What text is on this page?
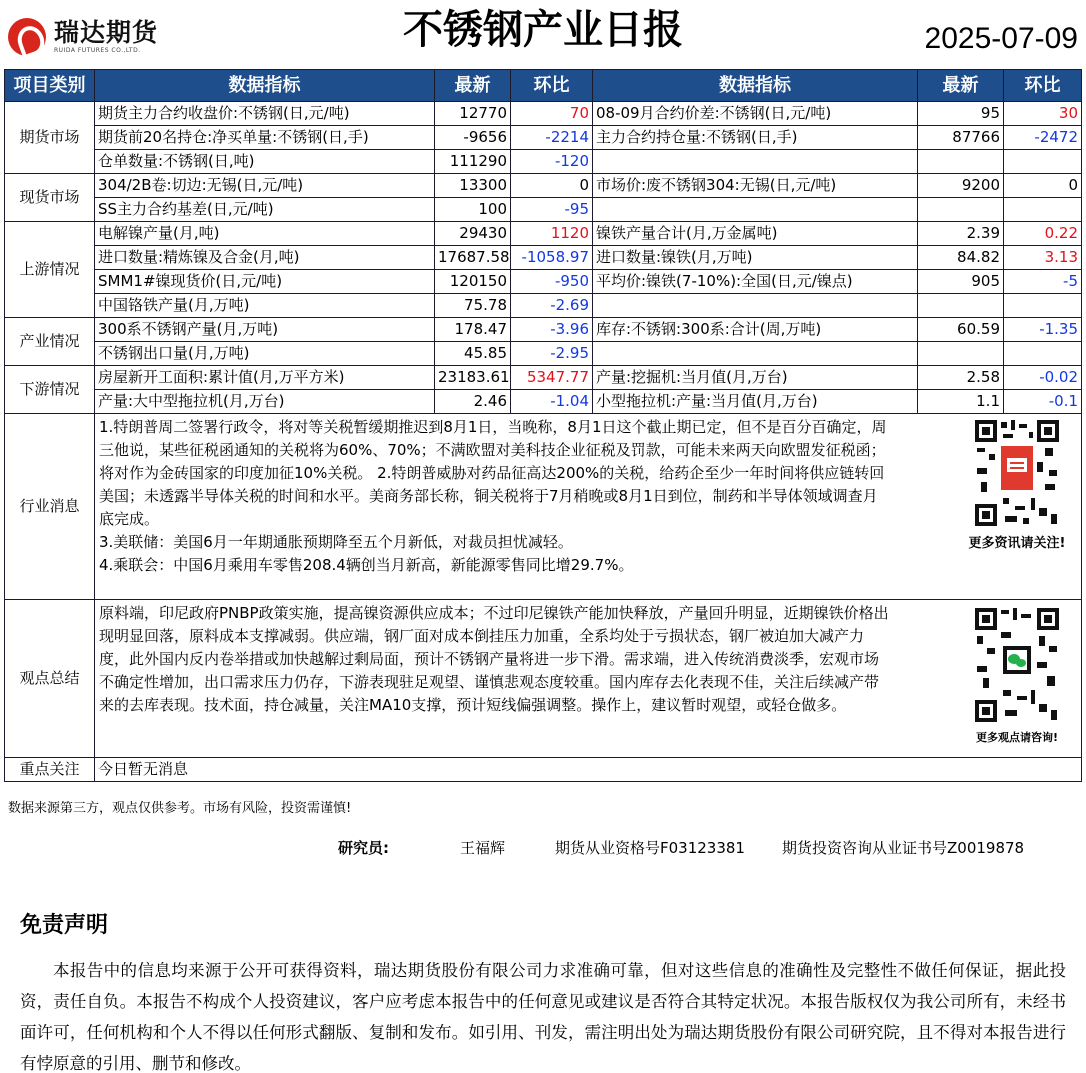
瑞达期货
RUIDA FUTURES CO.,LTD.	不锈钢产业日报	2025-07-09
项目类别	数据指标	最新	环比	数据指标	最新	环比
期货市场	期货主力合约收盘价:不锈钢(日,元/吨)	12770	70	08-09月合约价差:不锈钢(日,元/吨)	95	30
	期货前20名持仓:净买单量:不锈钢(日,手)	-9656	-2214	主力合约持仓量:不锈钢(日,手)	87766	-2472
	仓单数量:不锈钢(日,吨)	111290	-120			
现货市场	304/2B卷:切边:无锡(日,元/吨)	13300	0	市场价:废不锈钢304:无锡(日,元/吨)	9200	0
	SS主力合约基差(日,元/吨)	100	-95			
上游情况	电解镍产量(月,吨)	29430	1120	镍铁产量合计(月,万金属吨)	2.39	0.22
	进口数量:精炼镍及合金(月,吨)	17687.58	-1058.97	进口数量:镍铁(月,万吨)	84.82	3.13
	SMM1#镍现货价(日,元/吨)	120150	-950	平均价:镍铁(7-10%):全国(日,元/镍点)	905	-5
	中国铬铁产量(月,万吨)	75.78	-2.69			
产业情况	300系不锈钢产量(月,万吨)	178.47	-3.96	库存:不锈钢:300系:合计(周,万吨)	60.59	-1.35
	不锈钢出口量(月,万吨)	45.85	-2.95			
下游情况	房屋新开工面积:累计值(月,万平方米)	23183.61	5347.77	产量:挖掘机:当月值(月,万台)	2.58	-0.02
	产量:大中型拖拉机(月,万台)	2.46	-1.04	小型拖拉机:产量:当月值(月,万台)	1.1	-0.1
行业消息	1.特朗普周二签署行政令，将对等关税暂缓期推迟到8月1日，当晚称，8月1日这个截止期已定，但不是百分百确定，周三他说，某些征税函通知的关税将为60%、70%；不满欧盟对美科技企业征税及罚款，可能未来两天向欧盟发征税函；将对作为金砖国家的印度加征10%关税。 2.特朗普威胁对药品征高达200%的关税，给药企至少一年时间将供应链转回美国；未透露半导体关税的时间和水平。美商务部长称，铜关税将于7月稍晚或8月1日到位，制药和半导体领域调查月底完成。
3.美联储：美国6月一年期通胀预期降至五个月新低，对裁员担忧减轻。
4.乘联会：中国6月乘用车零售208.4辆创当月新高，新能源零售同比增29.7%。
更多资讯请关注!					

观点总结	原料端，印尼政府PNBP政策实施，提高镍资源供应成本；不过印尼镍铁产能加快释放，产量回升明显，近期镍铁价格出现明显回落，原料成本支撑减弱。供应端，钢厂面对成本倒挂压力加重，全系均处于亏损状态，钢厂被迫加大减产力度，此外国内反内卷举措或加快越解过剩局面，预计不锈钢产量将进一步下滑。需求端，进入传统消费淡季，宏观市场不确定性增加，出口需求压力仍存，下游表现驻足观望、谨慎悲观态度较重。国内库存去化表现不佳，关注后续减产带来的去库表现。技术面，持仓减量，关注MA10支撑，预计短线偏强调整。操作上，建议暂时观望，或轻仓做多。
更多观点请咨询!					

重点关注	今日暂无消息					
数据来源第三方，观点仅供参考。市场有风险，投资需谨慎!
研究员:	王福辉	期货从业资格号F03123381 期货投资咨询从业证书号Z0019878
免责声明
本报告中的信息均来源于公开可获得资料，瑞达期货股份有限公司力求准确可靠，但对这些信息的准确性及完整性不做任何保证，据此投资，责任自负。本报告不构成个人投资建议，客户应考虑本报告中的任何意见或建议是否符合其特定状况。本报告版权仅为我公司所有，未经书面许可，任何机构和个人不得以任何形式翻版、复制和发布。如引用、刊发，需注明出处为瑞达期货股份有限公司研究院，且不得对本报告进行有悖原意的引用、删节和修改。
